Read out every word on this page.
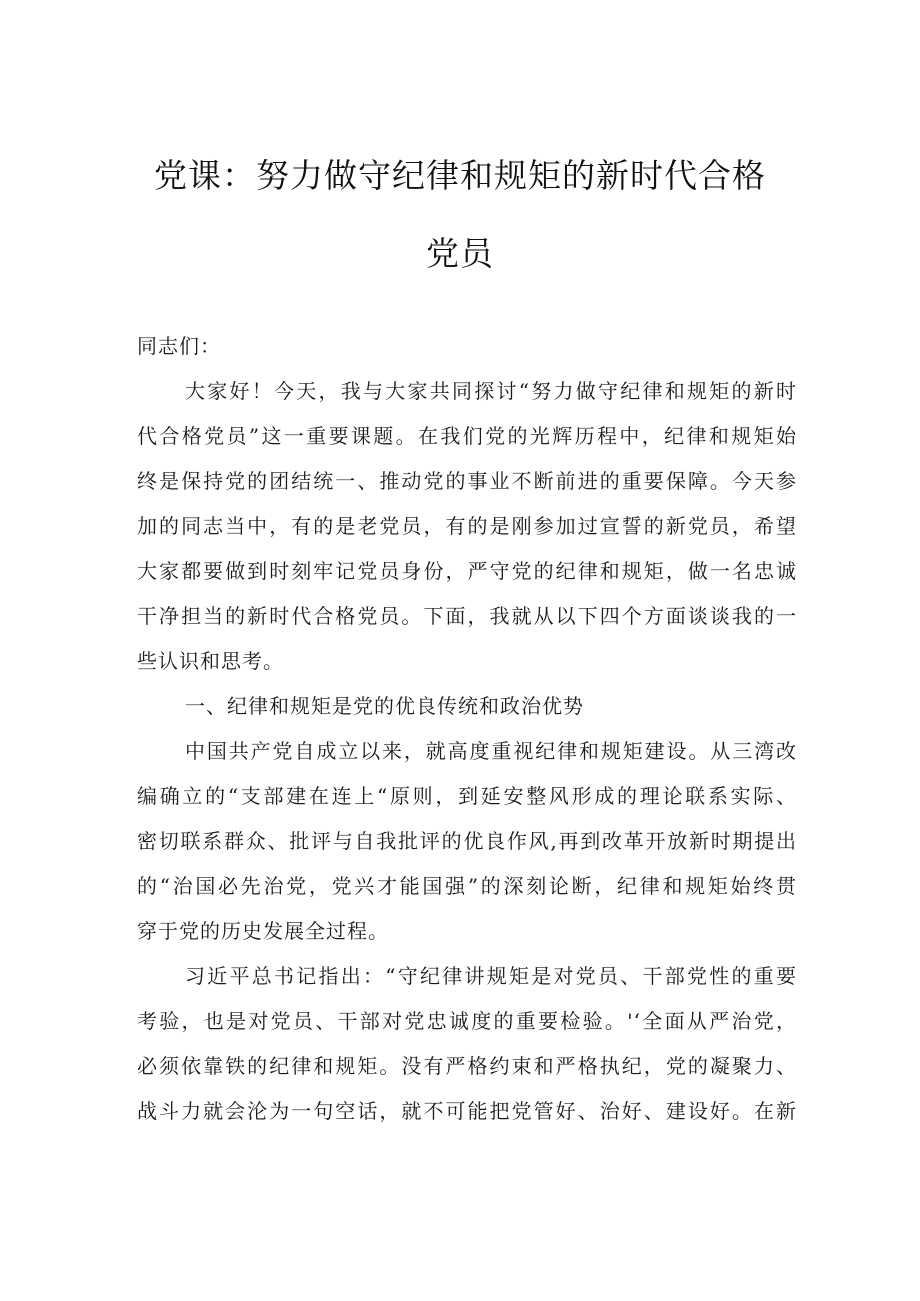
党课：努力做守纪律和规矩的新时代合格
党员
同志们：
大家好！今天，我与大家共同探讨“努力做守纪律和规矩的新时
代合格党员”这一重要课题。在我们党的光辉历程中，纪律和规矩始
终是保持党的团结统一、推动党的事业不断前进的重要保障。今天参
加的同志当中，有的是老党员，有的是刚参加过宣誓的新党员，希望
大家都要做到时刻牢记党员身份，严守党的纪律和规矩，做一名忠诚
干净担当的新时代合格党员。下面，我就从以下四个方面谈谈我的一
些认识和思考。
一、纪律和规矩是党的优良传统和政治优势
中国共产党自成立以来，就高度重视纪律和规矩建设。从三湾改
编确立的“支部建在连上“原则，到延安整风形成的理论联系实际、
密切联系群众、批评与自我批评的优良作风,再到改革开放新时期提出
的“治国必先治党，党兴才能国强”的深刻论断，纪律和规矩始终贯
穿于党的历史发展全过程。
习近平总书记指出：“守纪律讲规矩是对党员、干部党性的重要
考验，也是对党员、干部对党忠诚度的重要检验。'‘全面从严治党，
必须依靠铁的纪律和规矩。没有严格约束和严格执纪，党的凝聚力、
战斗力就会沦为一句空话，就不可能把党管好、治好、建设好。在新
